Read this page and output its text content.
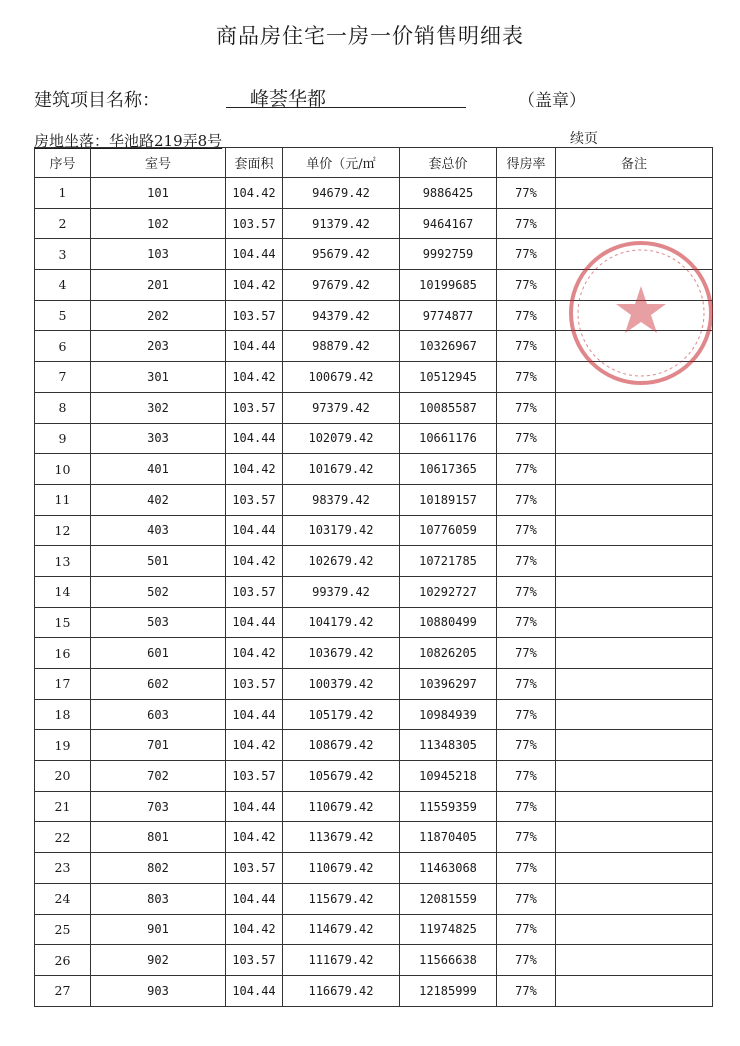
商品房住宅一房一价销售明细表
建筑项目名称：	峰荟华都	（盖章）
房地坐落：华池路219弄8号	续页
序号	室号	套面积	单价（元/㎡	套总价	得房率	备注
1	101	104.42	94679.42	9886425	77%	
2	102	103.57	91379.42	9464167	77%	
3	103	104.44	95679.42	9992759	77%	
4	201	104.42	97679.42	10199685	77%	
5	202	103.57	94379.42	9774877	77%	
6	203	104.44	98879.42	10326967	77%	
7	301	104.42	100679.42	10512945	77%	
8	302	103.57	97379.42	10085587	77%	
9	303	104.44	102079.42	10661176	77%	
10	401	104.42	101679.42	10617365	77%	
11	402	103.57	98379.42	10189157	77%	
12	403	104.44	103179.42	10776059	77%	
13	501	104.42	102679.42	10721785	77%	
14	502	103.57	99379.42	10292727	77%	
15	503	104.44	104179.42	10880499	77%	
16	601	104.42	103679.42	10826205	77%	
17	602	103.57	100379.42	10396297	77%	
18	603	104.44	105179.42	10984939	77%	
19	701	104.42	108679.42	11348305	77%	
20	702	103.57	105679.42	10945218	77%	
21	703	104.44	110679.42	11559359	77%	
22	801	104.42	113679.42	11870405	77%	
23	802	103.57	110679.42	11463068	77%	
24	803	104.44	115679.42	12081559	77%	
25	901	104.42	114679.42	11974825	77%	
26	902	103.57	111679.42	11566638	77%	
27	903	104.44	116679.42	12185999	77%	
